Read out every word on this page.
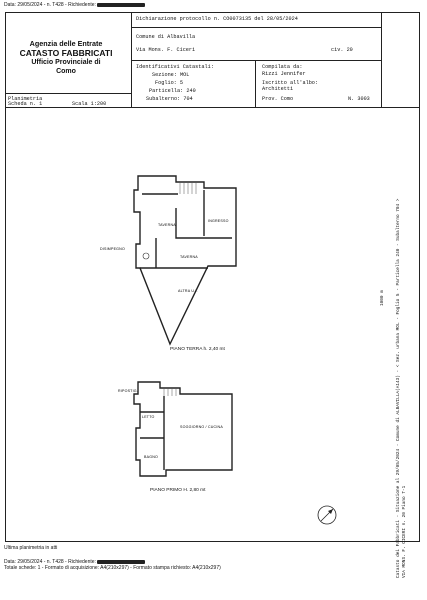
Data: 29/05/2024 - n. T428 - Richiedente:
Agenzia delle Entrate
CATASTO FABBRICATI
Ufficio Provinciale di
Como
Dichiarazione protocollo n. CO0073135 del 28/05/2024
Comune di Albavilla
Via Mons. F. Ciceri	civ. 20
Identificativi Catastali:
Sezione: MOL
Foglio: 5
Particella: 240
Subalterno: 704
Compilata da:
Rizzi Jennifer
Iscritto all'albo:
Architetti
Prov. Como	N. 3003
Planimetria
Scheda n. 1	Scala 1:200
TAVERNA
INGRESSO
DISIMPEGNO
TAVERNA
ALTRA U.I.
PIANO TERRA h. 2,40 mt
RIPOSTIG.
SOGGIORNO / CUCINA
BAGNO
LETTO
PIANO PRIMO H. 2,80 mt
1000 m	Catasto dei Fabbricati - Situazione al 29/05/2024 - Comune di ALBAVILLA(A143) - < Sez. urbana MOL - Foglio 5 - Particella 240 - Subalterno 704 > VIA MONS. F. CICERI n. 20 Piano T-1
Ultima planimetria in atti
Data: 29/05/2024 - n. T428 - Richiedente:
Totale schede: 1 - Formato di acquisizione: A4(210x297) - Formato stampa richiesto: A4(210x297)
